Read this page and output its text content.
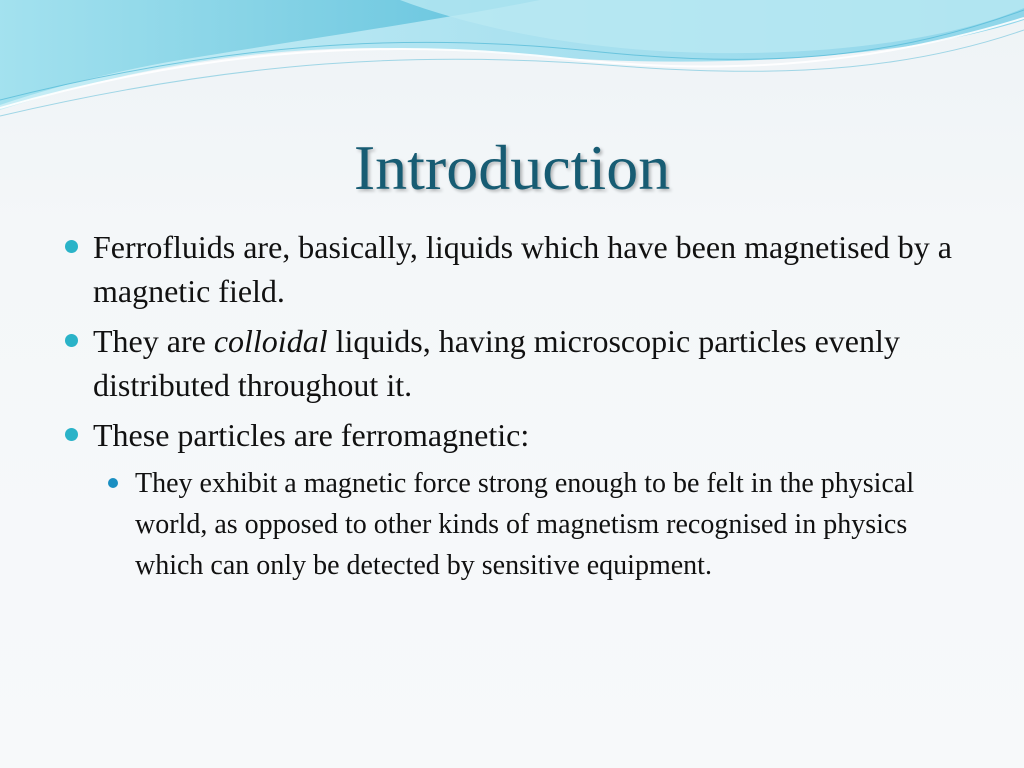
Introduction
Ferrofluids are, basically, liquids which have been magnetised by a magnetic field.
They are colloidal liquids, having microscopic particles evenly distributed throughout it.
These particles are ferromagnetic:
They exhibit a magnetic force strong enough to be felt in the physical world, as opposed to other kinds of magnetism recognised in physics which can only be detected by sensitive equipment.
